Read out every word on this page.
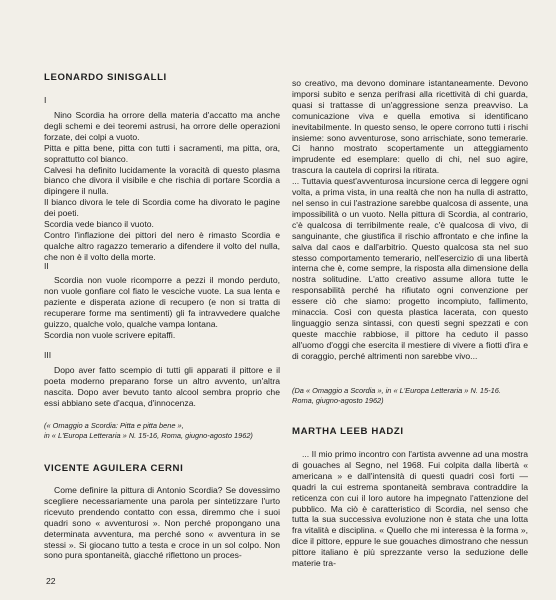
LEONARDO SINISGALLI

I

Nino Scordia ha orrore della materia d'accatto ma anche degli schemi e dei teoremi astrusi, ha orrore delle operazioni forzate, dei colpi a vuoto.

Pitta e pitta bene, pitta con tutti i sacramenti, ma pitta, ora, soprattutto col bianco.

Calvesi ha definito lucidamente la voracità di questo plasma bianco che divora il visibile e che rischia di portare Scordia a dipingere il nulla.

Il bianco divora le tele di Scordia come ha divorato le pagine dei poeti.

Scordia vede bianco il vuoto.

Contro l'inflazione dei pittori del nero è rimasto Scordia e qualche altro ragazzo temerario a difendere il volto del nulla, che non è il volto della morte.

II

Scordia non vuole ricomporre a pezzi il mondo perduto, non vuole gonfiare col fiato le vesciche vuote. La sua lenta e paziente e disperata azione di recupero (e non si tratta di recuperare forme ma sentimenti) gli fa intravvedere qualche guizzo, qualche volo, qualche vampa lontana.

Scordia non vuole scrivere epitaffi.

III

Dopo aver fatto scempio di tutti gli apparati il pittore e il poeta moderno preparano forse un altro avvento, un'altra nascita. Dopo aver bevuto tanto alcool sembra proprio che essi abbiano sete d'acqua, d'innocenza.

(« Omaggio a Scordia: Pitta e pitta bene »,

in « L'Europa Letteraria » N. 15-16, Roma, giugno-agosto 1962)

VICENTE AGUILERA CERNI

Come definire la pittura di Antonio Scordia? Se dovessimo scegliere necessariamente una parola per sintetizzare l'urto ricevuto prendendo contatto con essa, diremmo che i suoi quadri sono « avventurosi ». Non perché propongano una determinata avventura, ma perché sono « avventura in se stessi ». Si giocano tutto a testa e croce in un sol colpo. Non sono pura spontaneità, giacché riflettono un proces-

so creativo, ma devono dominare istantaneamente. Devono imporsi subito e senza perifrasi alla ricettività di chi guarda, quasi si trattasse di un'aggressione senza preavviso. La comunicazione viva e quella emotiva si identificano inevitabilmente. In questo senso, le opere corrono tutti i rischi insieme: sono avventurose, sono arrischiate, sono temerarie. Ci hanno mostrato scopertamente un atteggiamento imprudente ed esemplare: quello di chi, nel suo agire, trascura la cautela di coprirsi la ritirata.

... Tuttavia quest'avventurosa incursione cerca di leggere ogni volta, a prima vista, in una realtà che non ha nulla di astratto, nel senso in cui l'astrazione sarebbe qualcosa di assente, una impossibilità o un vuoto. Nella pittura di Scordia, al contrario, c'è qualcosa di terribilmente reale, c'è qualcosa di vivo, di sanguinante, che giustifica il rischio affrontato e che infine la salva dal caos e dall'arbitrio. Questo qualcosa sta nel suo stesso comportamento temerario, nell'esercizio di una libertà interna che è, come sempre, la risposta alla dimensione della nostra solitudine. L'atto creativo assume allora tutte le responsabilità perché ha rifiutato ogni convenzione per essere ciò che siamo: progetto incompiuto, fallimento, minaccia. Così con questa plastica lacerata, con questo linguaggio senza sintassi, con questi segni spezzati e con queste macchie rabbiose, il pittore ha ceduto il passo all'uomo d'oggi che esercita il mestiere di vivere a fiotti d'ira e di coraggio, perché altrimenti non sarebbe vivo...

(Da « Omaggio a Scordia », in « L'Europa Letteraria » N. 15-16.

Roma, giugno-agosto 1962)

MARTHA LEEB HADZI

... Il mio primo incontro con l'artista avvenne ad una mostra di gouaches al Segno, nel 1968. Fui colpita dalla libertà « americana » e dall'intensità di questi quadri così forti — quadri la cui estrema spontaneità sembrava contraddire la reticenza con cui il loro autore ha impegnato l'attenzione del pubblico. Ma ciò è caratteristico di Scordia, nel senso che tutta la sua successiva evoluzione non è stata che una lotta fra vitalità e disciplina. « Quello che mi interessa è la forma », dice il pittore, eppure le sue gouaches dimostrano che nessun pittore italiano è più sprezzante verso la seduzione delle materie tra-

22
